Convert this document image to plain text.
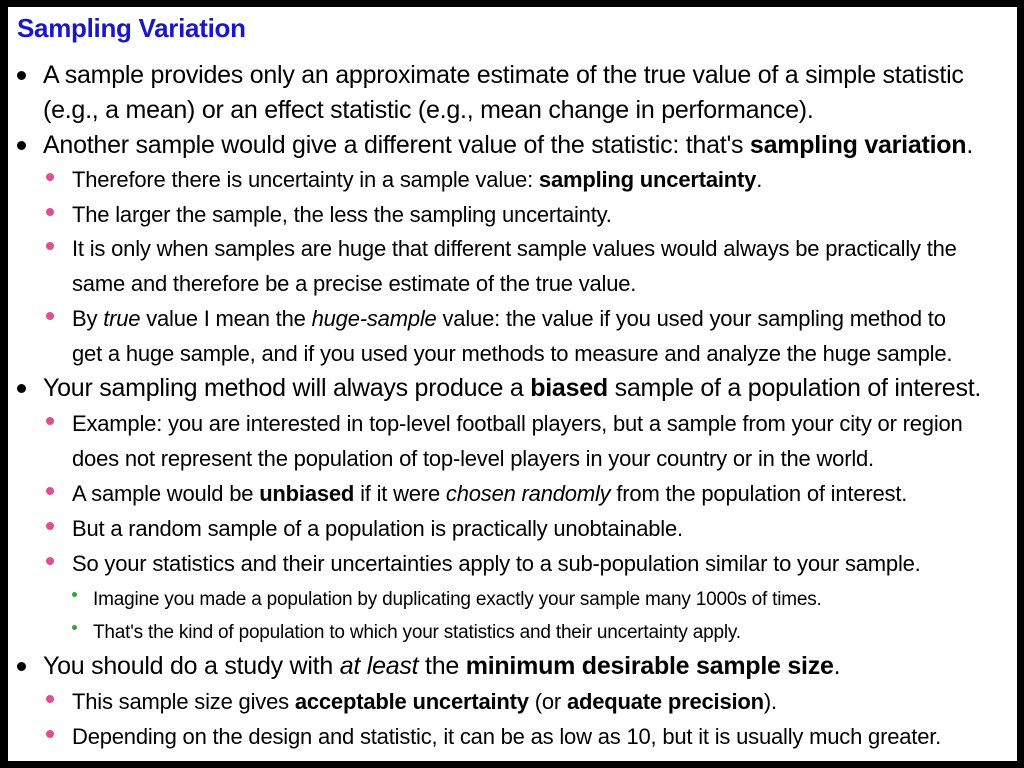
Sampling Variation
A sample provides only an approximate estimate of the true value of a simple statistic
(e.g., a mean) or an effect statistic (e.g., mean change in performance).
Another sample would give a different value of the statistic: that's sampling variation.
Therefore there is uncertainty in a sample value: sampling uncertainty.
The larger the sample, the less the sampling uncertainty.
It is only when samples are huge that different sample values would always be practically the
same and therefore be a precise estimate of the true value.
By true value I mean the huge-sample value: the value if you used your sampling method to
get a huge sample, and if you used your methods to measure and analyze the huge sample.
Your sampling method will always produce a biased sample of a population of interest.
Example: you are interested in top-level football players, but a sample from your city or region
does not represent the population of top-level players in your country or in the world.
A sample would be unbiased if it were chosen randomly from the population of interest.
But a random sample of a population is practically unobtainable.
So your statistics and their uncertainties apply to a sub-population similar to your sample.
Imagine you made a population by duplicating exactly your sample many 1000s of times.
That's the kind of population to which your statistics and their uncertainty apply.
You should do a study with at least the minimum desirable sample size.
This sample size gives acceptable uncertainty (or adequate precision).
Depending on the design and statistic, it can be as low as 10, but it is usually much greater.
